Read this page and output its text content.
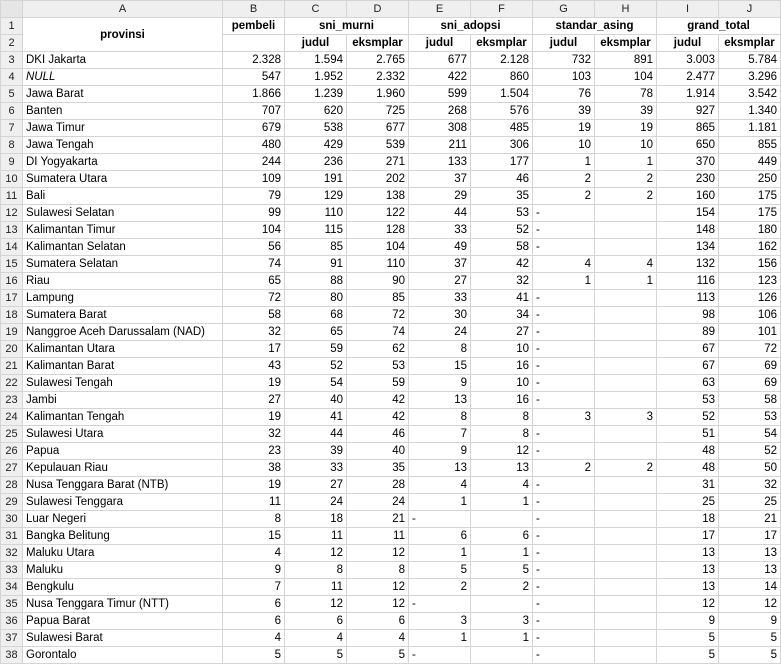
	A	B	C	D	E	F	G	H	I	J
1	provinsi	pembeli	sni_murni		sni_adopsi		standar_asing		grand_total	
2			judul	eksmplar	judul	eksmplar	judul	eksmplar	judul	eksmplar
3	DKI Jakarta	2.328	1.594	2.765	677	2.128	732	891	3.003	5.784
4	NULL	547	1.952	2.332	422	860	103	104	2.477	3.296
5	Jawa Barat	1.866	1.239	1.960	599	1.504	76	78	1.914	3.542
6	Banten	707	620	725	268	576	39	39	927	1.340
7	Jawa Timur	679	538	677	308	485	19	19	865	1.181
8	Jawa Tengah	480	429	539	211	306	10	10	650	855
9	DI Yogyakarta	244	236	271	133	177	1	1	370	449
10	Sumatera Utara	109	191	202	37	46	2	2	230	250
11	Bali	79	129	138	29	35	2	2	160	175
12	Sulawesi Selatan	99	110	122	44	53	-		154	175
13	Kalimantan Timur	104	115	128	33	52	-		148	180
14	Kalimantan Selatan	56	85	104	49	58	-		134	162
15	Sumatera Selatan	74	91	110	37	42	4	4	132	156
16	Riau	65	88	90	27	32	1	1	116	123
17	Lampung	72	80	85	33	41	-		113	126
18	Sumatera Barat	58	68	72	30	34	-		98	106
19	Nanggroe Aceh Darussalam (NAD)	32	65	74	24	27	-		89	101
20	Kalimantan Utara	17	59	62	8	10	-		67	72
21	Kalimantan Barat	43	52	53	15	16	-		67	69
22	Sulawesi Tengah	19	54	59	9	10	-		63	69
23	Jambi	27	40	42	13	16	-		53	58
24	Kalimantan Tengah	19	41	42	8	8	3	3	52	53
25	Sulawesi Utara	32	44	46	7	8	-		51	54
26	Papua	23	39	40	9	12	-		48	52
27	Kepulauan Riau	38	33	35	13	13	2	2	48	50
28	Nusa Tenggara Barat (NTB)	19	27	28	4	4	-		31	32
29	Sulawesi Tenggara	11	24	24	1	1	-		25	25
30	Luar Negeri	8	18	21	-		-		18	21
31	Bangka Belitung	15	11	11	6	6	-		17	17
32	Maluku Utara	4	12	12	1	1	-		13	13
33	Maluku	9	8	8	5	5	-		13	13
34	Bengkulu	7	11	12	2	2	-		13	14
35	Nusa Tenggara Timur (NTT)	6	12	12	-		-		12	12
36	Papua Barat	6	6	6	3	3	-		9	9
37	Sulawesi Barat	4	4	4	1	1	-		5	5
38	Gorontalo	5	5	5	-		-		5	5
